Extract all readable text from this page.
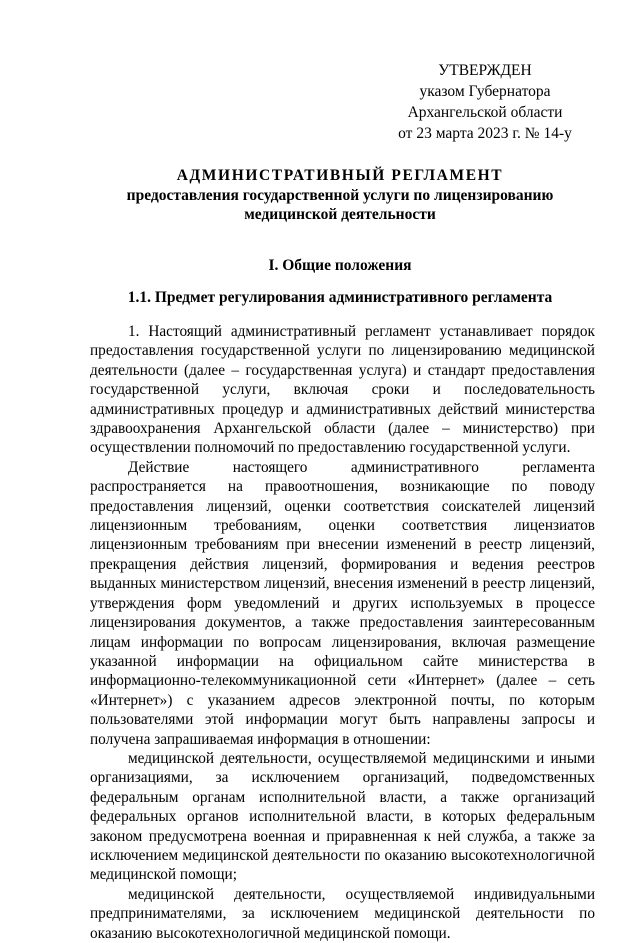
УТВЕРЖДЕН
указом Губернатора
Архангельской области
от 23 марта 2023 г. № 14-у
АДМИНИСТРАТИВНЫЙ РЕГЛАМЕНТ
предоставления государственной услуги по лицензированию
медицинской деятельности
I. Общие положения
1.1. Предмет регулирования административного регламента

1. Настоящий административный регламент устанавливает порядок предоставления государственной услуги по лицензированию медицинской деятельности (далее – государственная услуга) и стандарт предоставления государственной услуги, включая сроки и последовательность административных процедур и административных действий министерства здравоохранения Архангельской области (далее – министерство) при осуществлении полномочий по предоставлению государственной услуги.

Действие настоящего административного регламента распространяется на правоотношения, возникающие по поводу предоставления лицензий, оценки соответствия соискателей лицензий лицензионным требованиям, оценки соответствия лицензиатов лицензионным требованиям при внесении изменений в реестр лицензий, прекращения действия лицензий, формирования и ведения реестров выданных министерством лицензий, внесения изменений в реестр лицензий, утверждения форм уведомлений и других используемых в процессе лицензирования документов, а также предоставления заинтересованным лицам информации по вопросам лицензирования, включая размещение указанной информации на официальном сайте министерства в информационно-телекоммуникационной сети «Интернет» (далее – сеть «Интернет») с указанием адресов электронной почты, по которым пользователями этой информации могут быть направлены запросы и получена запрашиваемая информация в отношении:

медицинской деятельности, осуществляемой медицинскими и иными организациями, за исключением организаций, подведомственных федеральным органам исполнительной власти, а также организаций федеральных органов исполнительной власти, в которых федеральным законом предусмотрена военная и приравненная к ней служба, а также за исключением медицинской деятельности по оказанию высокотехнологичной медицинской помощи;

медицинской деятельности, осуществляемой индивидуальными предпринимателями, за исключением медицинской деятельности по оказанию высокотехнологичной медицинской помощи.
